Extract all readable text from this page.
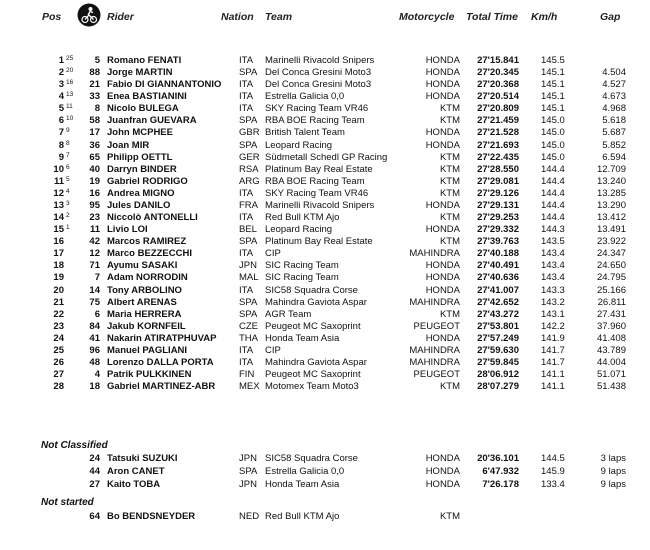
Pos	Rider	Nation Team	Motorcycle Total Time Km/h	Gap
1 25	5 Romano FENATI	ITA Marinelli Rivacold Snipers	HONDA	27'15.841 145.5
2 20	88 Jorge MARTIN	SPA Del Conca Gresini Moto3	HONDA	27'20.345 145.1	4.504
3 16	21 Fabio DI GIANNANTONIO ITA Del Conca Gresini Moto3	HONDA	27'20.368 145.1	4.527
4 13	33 Enea BASTIANINI	ITA Estrella Galicia 0,0	HONDA	27'20.514 145.1	4.673
5 11	8 Nicolo BULEGA	ITA SKY Racing Team VR46	KTM	27'20.809 145.1	4.968
6 10	58 Juanfran GUEVARA	SPA RBA BOE Racing Team	KTM	27'21.459 145.0	5.618
7 9	17 John MCPHEE	GBR British Talent Team	HONDA	27'21.528 145.0	5.687
8 8	36 Joan MIR	SPA Leopard Racing	HONDA	27'21.693 145.0	5.852
9 7	65 Philipp OETTL	GER Südmetall Schedl GP Racing	KTM	27'22.435 145.0	6.594
10 6	40 Darryn BINDER	RSA Platinum Bay Real Estate	KTM	27'28.550 144.4	12.709
11 5	19 Gabriel RODRIGO	ARG RBA BOE Racing Team	KTM	27'29.081 144.4	13.240
12 4	16 Andrea MIGNO	ITA SKY Racing Team VR46	KTM	27'29.126 144.4	13.285
13 3	95 Jules DANILO	FRA Marinelli Rivacold Snipers	HONDA	27'29.131 144.4	13.290
14 2	23 Niccolò ANTONELLI	ITA Red Bull KTM Ajo	KTM	27'29.253 144.4	13.412
15 1	11 Livio LOI	BEL Leopard Racing	HONDA	27'29.332 144.3	13.491
16	42 Marcos RAMIREZ	SPA Platinum Bay Real Estate	KTM	27'39.763 143.5	23.922
17	12 Marco BEZZECCHI	ITA CIP	MAHINDRA	27'40.188 143.4	24.347
18	71 Ayumu SASAKI	JPN SIC Racing Team	HONDA	27'40.491 143.4	24.650
19	7 Adam NORRODIN	MAL SIC Racing Team	HONDA	27'40.636 143.4	24.795
20	14 Tony ARBOLINO	ITA SIC58 Squadra Corse	HONDA	27'41.007 143.3	25.166
21	75 Albert ARENAS	SPA Mahindra Gaviota Aspar	MAHINDRA	27'42.652 143.2	26.811
22	6 Maria HERRERA	SPA AGR Team	KTM	27'43.272 143.1	27.431
23	84 Jakub KORNFEIL	CZE Peugeot MC Saxoprint	PEUGEOT	27'53.801 142.2	37.960
24	41 Nakarin ATIRATPHUVAP THA Honda Team Asia	HONDA	27'57.249 141.9	41.408
25	96 Manuel PAGLIANI	ITA CIP	MAHINDRA	27'59.630 141.7	43.789
26	48 Lorenzo DALLA PORTA	ITA Mahindra Gaviota Aspar	MAHINDRA	27'59.845 141.7	44.004
27	4 Patrik PULKKINEN	FIN Peugeot MC Saxoprint	PEUGEOT	28'06.912 141.1	51.071
28	18 Gabriel MARTINEZ-ABR	MEX Motomex Team Moto3	KTM	28'07.279 141.1	51.438
Not Classified
24 Tatsuki SUZUKI	JPN SIC58 Squadra Corse	HONDA	20'36.101 144.5	3 laps
44 Aron CANET	SPA Estrella Galicia 0,0	HONDA	6'47.932 145.9	9 laps
27 Kaito TOBA	JPN Honda Team Asia	HONDA	7'26.178 133.4	9 laps
Not started
64 Bo BENDSNEYDER	NED Red Bull KTM Ajo	KTM
